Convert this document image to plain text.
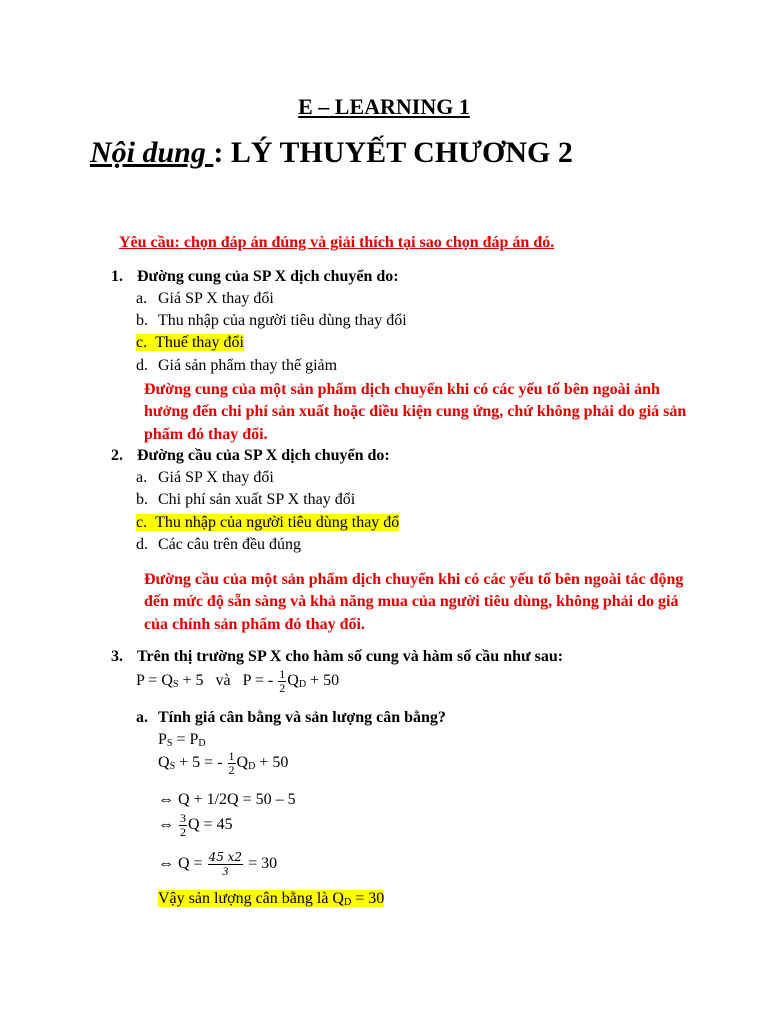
E – LEARNING 1
Nội dung : LÝ THUYẾT CHƯƠNG 2
Yêu cầu: chọn đáp án đúng và giải thích tại sao chọn đáp án đó.
1. Đường cung của SP X dịch chuyển do:
a. Giá SP X thay đổi
b. Thu nhập của người tiêu dùng thay đổi
c. Thuế thay đổi
d. Giá sản phẩm thay thế giảm
Đường cung của một sản phẩm dịch chuyển khi có các yếu tố bên ngoài ảnh hưởng đến chi phí sản xuất hoặc điều kiện cung ứng, chứ không phải do giá sản phẩm đó thay đổi.
2. Đường cầu của SP X dịch chuyển do:
a. Giá SP X thay đổi
b. Chi phí sản xuất SP X thay đổi
c. Thu nhập của người tiêu dùng thay đổ
d. Các câu trên đều đúng
Đường cầu của một sản phẩm dịch chuyển khi có các yếu tố bên ngoài tác động đến mức độ sẵn sàng và khả năng mua của người tiêu dùng, không phải do giá của chính sản phẩm đó thay đổi.
3. Trên thị trường SP X cho hàm số cung và hàm số cầu như sau:
$P = Q_S + 5$ và P = - $\frac{1}{2} Q_D + 50$
a. Tính giá cân bằng và sản lượng cân bằng?
$P_S = P_D$
$Q_S + 5$ = - $\frac{1}{2} Q_D + 50$
⇔ Q + 1/2Q = 50 – 5
⇔ $\frac{3}{2}$ Q = 45
⇔ $Q = \frac{45 x2}{3} = 30$
Vậy sản lượng cân bằng là $Q_D = 30$
